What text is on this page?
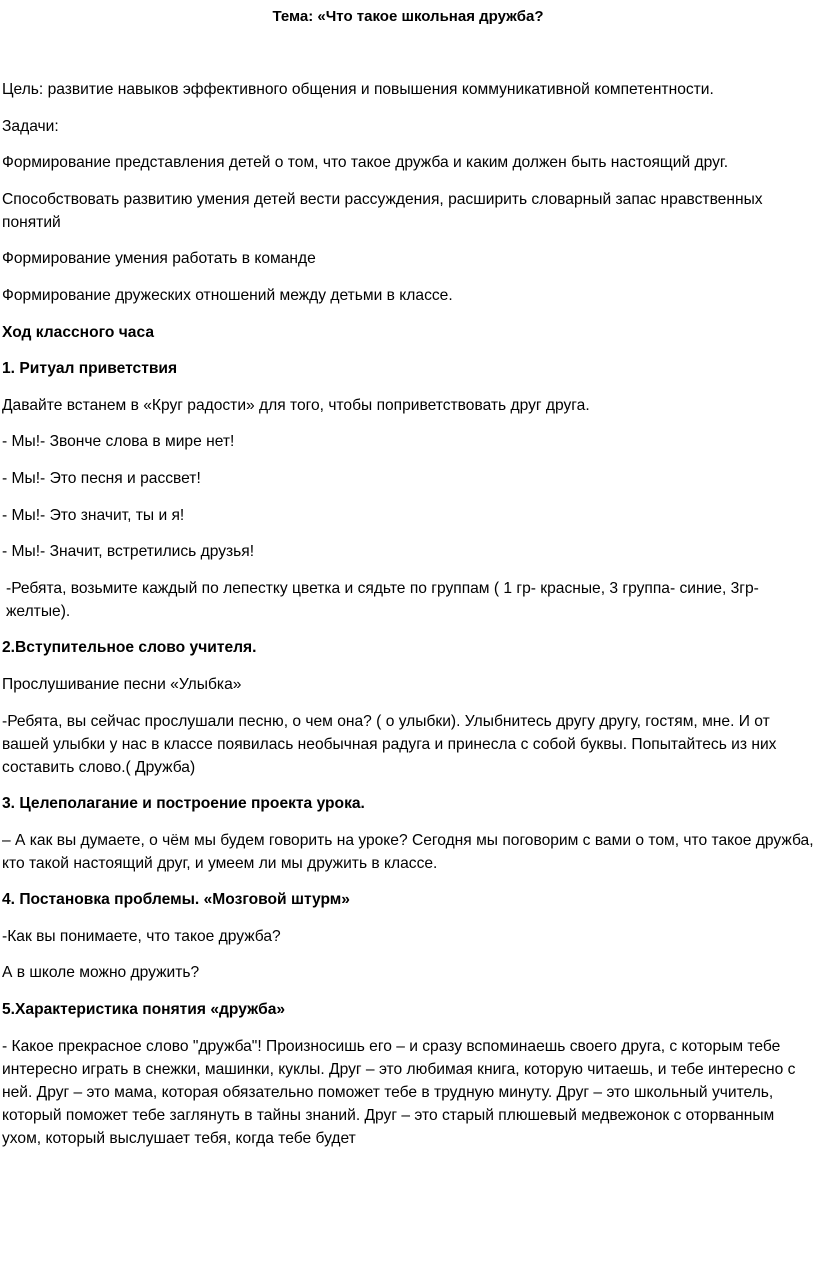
Тема: «Что такое школьная дружба?

Цель: развитие навыков эффективного общения и повышения коммуникативной компетентности.

Задачи:

Формирование представления детей о том, что такое дружба и каким должен быть настоящий друг.

Способствовать развитию умения детей вести рассуждения, расширить словарный запас нравственных понятий

Формирование умения работать в команде

Формирование дружеских отношений между детьми в классе.

Ход классного часа

1. Ритуал приветствия

Давайте встанем в «Круг радости» для того, чтобы поприветствовать друг друга.

- Мы!- Звонче слова в мире нет!

- Мы!- Это песня и рассвет!

- Мы!- Это значит, ты и я!

- Мы!- Значит, встретились друзья!

-Ребята, возьмите каждый по лепестку цветка и сядьте по группам ( 1 гр- красные, 3 группа- синие, 3гр- желтые).

2.Вступительное слово учителя.

Прослушивание песни «Улыбка»

-Ребята, вы сейчас прослушали песню, о чем она? ( о улыбки). Улыбнитесь другу другу, гостям, мне. И от вашей улыбки у нас в классе появилась необычная радуга и принесла с собой буквы. Попытайтесь из них составить слово.( Дружба)

3. Целеполагание и построение проекта урока.

– А как вы думаете, о чём мы будем говорить на уроке? Сегодня мы поговорим с вами о том, что такое дружба, кто такой настоящий друг, и умеем ли мы дружить в классе.

4. Постановка проблемы. «Мозговой штурм»

-Как вы понимаете, что такое дружба?

А в школе можно дружить?

5.Характеристика понятия «дружба»

- Какое прекрасное слово "дружба"! Произносишь его – и сразу вспоминаешь своего друга, с которым тебе интересно играть в снежки, машинки, куклы. Друг – это любимая книга, которую читаешь, и тебе интересно с ней. Друг – это мама, которая обязательно поможет тебе в трудную минуту. Друг – это школьный учитель, который поможет тебе заглянуть в тайны знаний. Друг – это старый плюшевый медвежонок с оторванным ухом, который выслушает тебя, когда тебе будет
